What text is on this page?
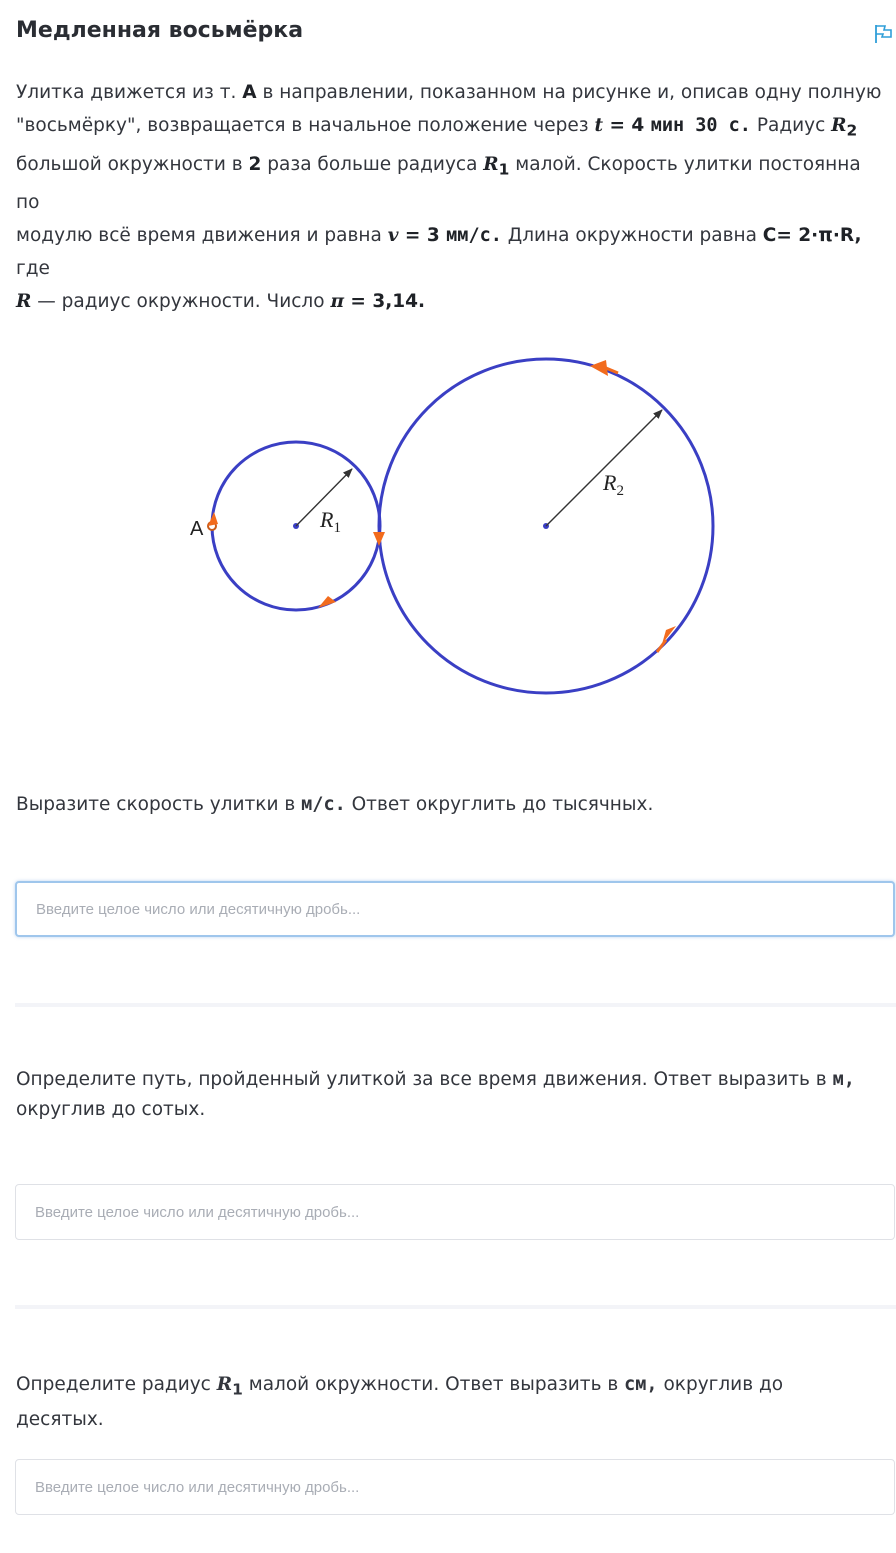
Медленная восьмёрка
Улитка движется из т. A в направлении, показанном на рисунке и, описав одну полную
"восьмёрку", возвращается в начальное положение через t = 4 мин 30 с. Радиус $R_2$
большой окружности в 2 раза больше радиуса $R_1$ малой. Скорость улитки постоянна по
модулю всё время движения и равна v = 3 мм/с. Длина окружности равна C= 2·π·R, где
R — радиус окружности. Число π = 3,14.
A	$R_1$
$R_2$
Выразите скорость улитки в м/с. Ответ округлить до тысячных.
Введите целое число или десятичную дробь...
Определите путь, пройденный улиткой за все время движения. Ответ выразить в м, округлив до сотых.
Введите целое число или десятичную дробь...
Определите радиус $R_1$ малой окружности. Ответ выразить в см, округлив до десятых.
Введите целое число или десятичную дробь...
